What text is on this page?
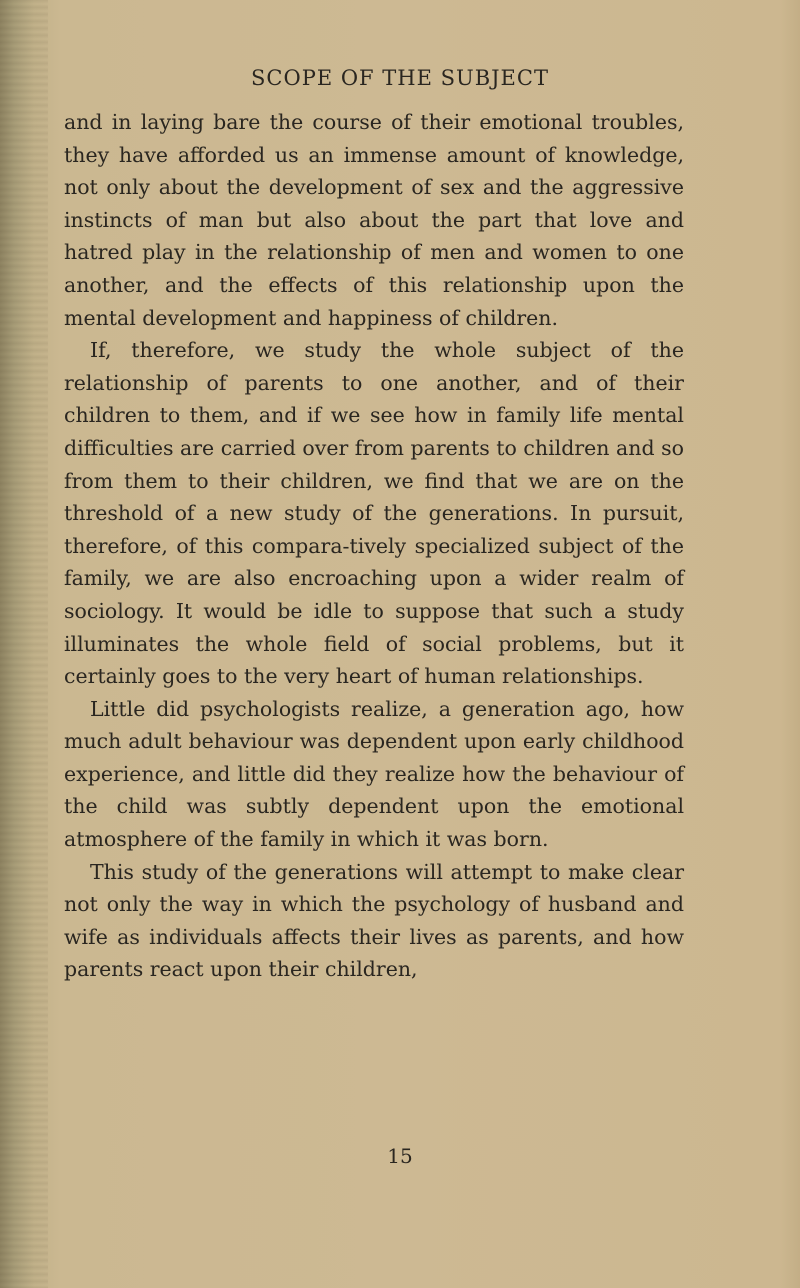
SCOPE OF THE SUBJECT

and in laying bare the course of their emotional troubles, they have afforded us an immense amount of knowledge, not only about the development of sex and the aggressive instincts of man but also about the part that love and hatred play in the relationship of men and women to one another, and the effects of this relationship upon the mental development and happiness of children.

If, therefore, we study the whole subject of the relationship of parents to one another, and of their children to them, and if we see how in family life mental difficulties are carried over from parents to children and so from them to their children, we find that we are on the threshold of a new study of the generations. In pursuit, therefore, of this compara-tively specialized subject of the family, we are also encroaching upon a wider realm of sociology. It would be idle to suppose that such a study illuminates the whole field of social problems, but it certainly goes to the very heart of human relationships.

Little did psychologists realize, a generation ago, how much adult behaviour was dependent upon early childhood experience, and little did they realize how the behaviour of the child was subtly dependent upon the emotional atmosphere of the family in which it was born.

This study of the generations will attempt to make clear not only the way in which the psychology of husband and wife as individuals affects their lives as parents, and how parents react upon their children,

15
